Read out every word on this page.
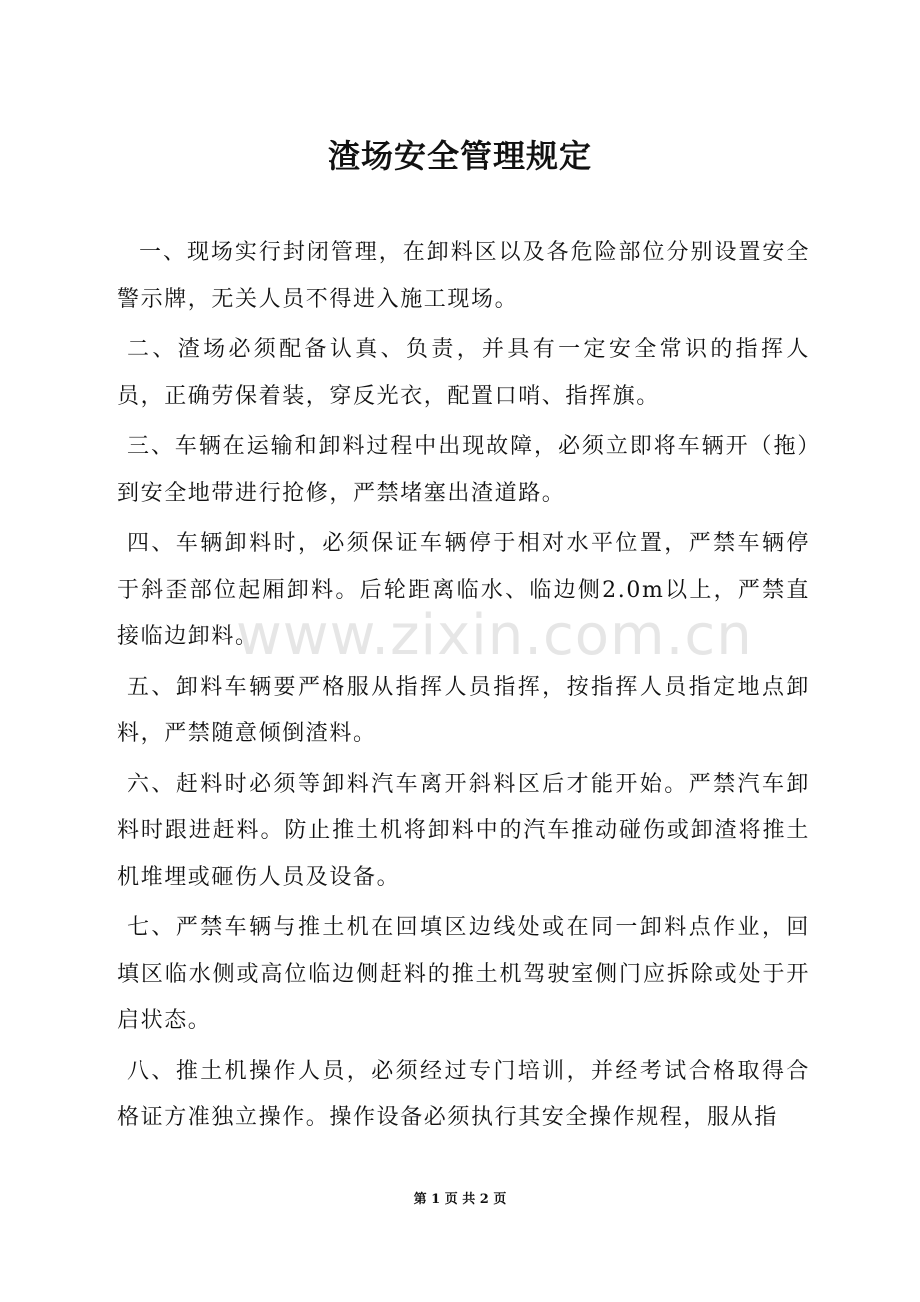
渣场安全管理规定

一、现场实行封闭管理，在卸料区以及各危险部位分别设置安全警示牌，无关人员不得进入施工现场。

二、渣场必须配备认真、负责，并具有一定安全常识的指挥人员，正确劳保着装，穿反光衣，配置口哨、指挥旗。

三、车辆在运输和卸料过程中出现故障，必须立即将车辆开（拖）到安全地带进行抢修，严禁堵塞出渣道路。

四、车辆卸料时，必须保证车辆停于相对水平位置，严禁车辆停于斜歪部位起厢卸料。后轮距离临水、临边侧2.0m以上，严禁直接临边卸料。

五、卸料车辆要严格服从指挥人员指挥，按指挥人员指定地点卸料，严禁随意倾倒渣料。

六、赶料时必须等卸料汽车离开斜料区后才能开始。严禁汽车卸料时跟进赶料。防止推土机将卸料中的汽车推动碰伤或卸渣将推土机堆埋或砸伤人员及设备。

七、严禁车辆与推土机在回填区边线处或在同一卸料点作业，回填区临水侧或高位临边侧赶料的推土机驾驶室侧门应拆除或处于开启状态。

八、推土机操作人员，必须经过专门培训，并经考试合格取得合格证方准独立操作。操作设备必须执行其安全操作规程，服从指

www.zixin.com.cn
第 1 页 共 2 页
